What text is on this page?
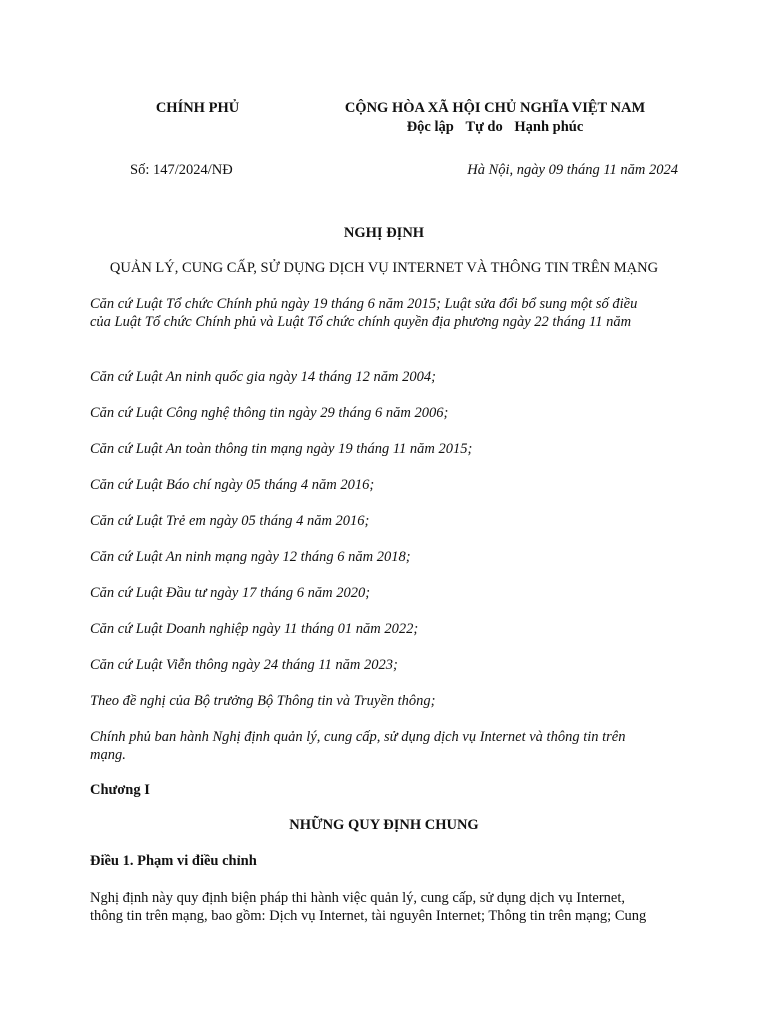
CHÍNH PHỦ	CỘNG HÒA XÃ HỘI CHỦ NGHĨA VIỆT NAM

Độc lập Tự do Hạnh phúc

Số: 147/2024/NĐ	Hà Nội, ngày 09 tháng 11 năm 2024

NGHỊ ĐỊNH

QUẢN LÝ, CUNG CẤP, SỬ DỤNG DỊCH VỤ INTERNET VÀ THÔNG TIN TRÊN MẠNG

Căn cứ Luật Tổ chức Chính phủ ngày 19 tháng 6 năm 2015; Luật sửa đổi bổ sung một số điều
của Luật Tổ chức Chính phủ và Luật Tổ chức chính quyền địa phương ngày 22 tháng 11 năm

Căn cứ Luật An ninh quốc gia ngày 14 tháng 12 năm 2004;

Căn cứ Luật Công nghệ thông tin ngày 29 tháng 6 năm 2006;

Căn cứ Luật An toàn thông tin mạng ngày 19 tháng 11 năm 2015;

Căn cứ Luật Báo chí ngày 05 tháng 4 năm 2016;

Căn cứ Luật Trẻ em ngày 05 tháng 4 năm 2016;

Căn cứ Luật An ninh mạng ngày 12 tháng 6 năm 2018;

Căn cứ Luật Đầu tư ngày 17 tháng 6 năm 2020;

Căn cứ Luật Doanh nghiệp ngày 11 tháng 01 năm 2022;

Căn cứ Luật Viễn thông ngày 24 tháng 11 năm 2023;

Theo đề nghị của Bộ trưởng Bộ Thông tin và Truyền thông;

Chính phủ ban hành Nghị định quản lý, cung cấp, sử dụng dịch vụ Internet và thông tin trên
mạng.

Chương I

NHỮNG QUY ĐỊNH CHUNG

Điều 1. Phạm vi điều chỉnh

Nghị định này quy định biện pháp thi hành việc quản lý, cung cấp, sử dụng dịch vụ Internet,
thông tin trên mạng, bao gồm: Dịch vụ Internet, tài nguyên Internet; Thông tin trên mạng; Cung
